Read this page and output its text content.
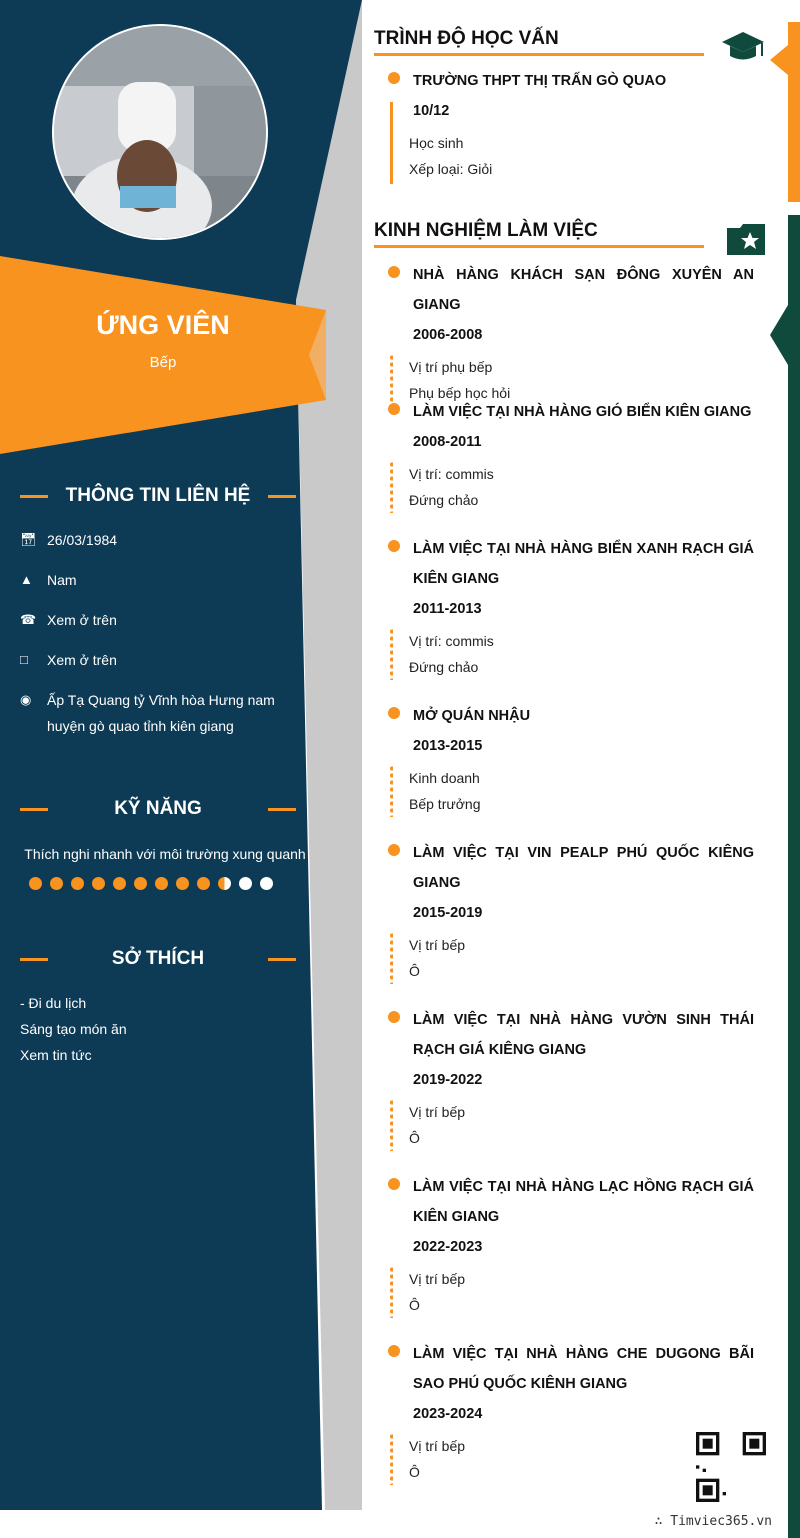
ỨNG VIÊN
Bếp
THÔNG TIN LIÊN HỆ
📅︎ 26/03/1984
▲	Nam
☎ Xem ở trên
□	Xem ở trên
◉	Ấp Tạ Quang tỷ Vĩnh hòa Hưng nam huyện gò quao tỉnh kiên giang
KỸ NĂNG
Thích nghi nhanh với môi trường xung quanh
SỞ THÍCH
- Đi du lịch
Sáng tạo món ăn
Xem tin tức
TRÌNH ĐỘ HỌC VẤN
TRƯỜNG THPT THỊ TRẤN GÒ QUAO
10/12
Học sinh
Xếp loại: Giỏi
KINH NGHIỆM LÀM VIỆC
NHÀ HÀNG KHÁCH SẠN ĐÔNG XUYÊN AN GIANG
2006-2008
Vị trí phụ bếp
Phụ bếp học hỏi
LÀM VIỆC TẠI NHÀ HÀNG GIÓ BIỂN KIÊN GIANG
2008-2011
Vị trí: commis
Đứng chảo
LÀM VIỆC TẠI NHÀ HÀNG BIỂN XANH RẠCH GIÁ KIÊN GIANG
2011-2013
Vị trí: commis
Đứng chảo
MỞ QUÁN NHẬU
2013-2015
Kinh doanh
Bếp trưởng
LÀM VIỆC TẠI VIN PEALP PHÚ QUỐC KIÊNG GIANG
2015-2019
Vị trí bếp
Ô
LÀM VIỆC TẠI NHÀ HÀNG VƯỜN SINH THÁI RẠCH GIÁ KIÊNG GIANG
2019-2022
Vị trí bếp
Ô
LÀM VIỆC TẠI NHÀ HÀNG LẠC HỒNG RẠCH GIÁ KIÊN GIANG
2022-2023
Vị trí bếp
Ô
LÀM VIỆC TẠI NHÀ HÀNG CHE DUGONG BÃI SAO PHÚ QUỐC KIÊNH GIANG
2023-2024
Vị trí bếp
Ô
∴ Timviec365.vn
